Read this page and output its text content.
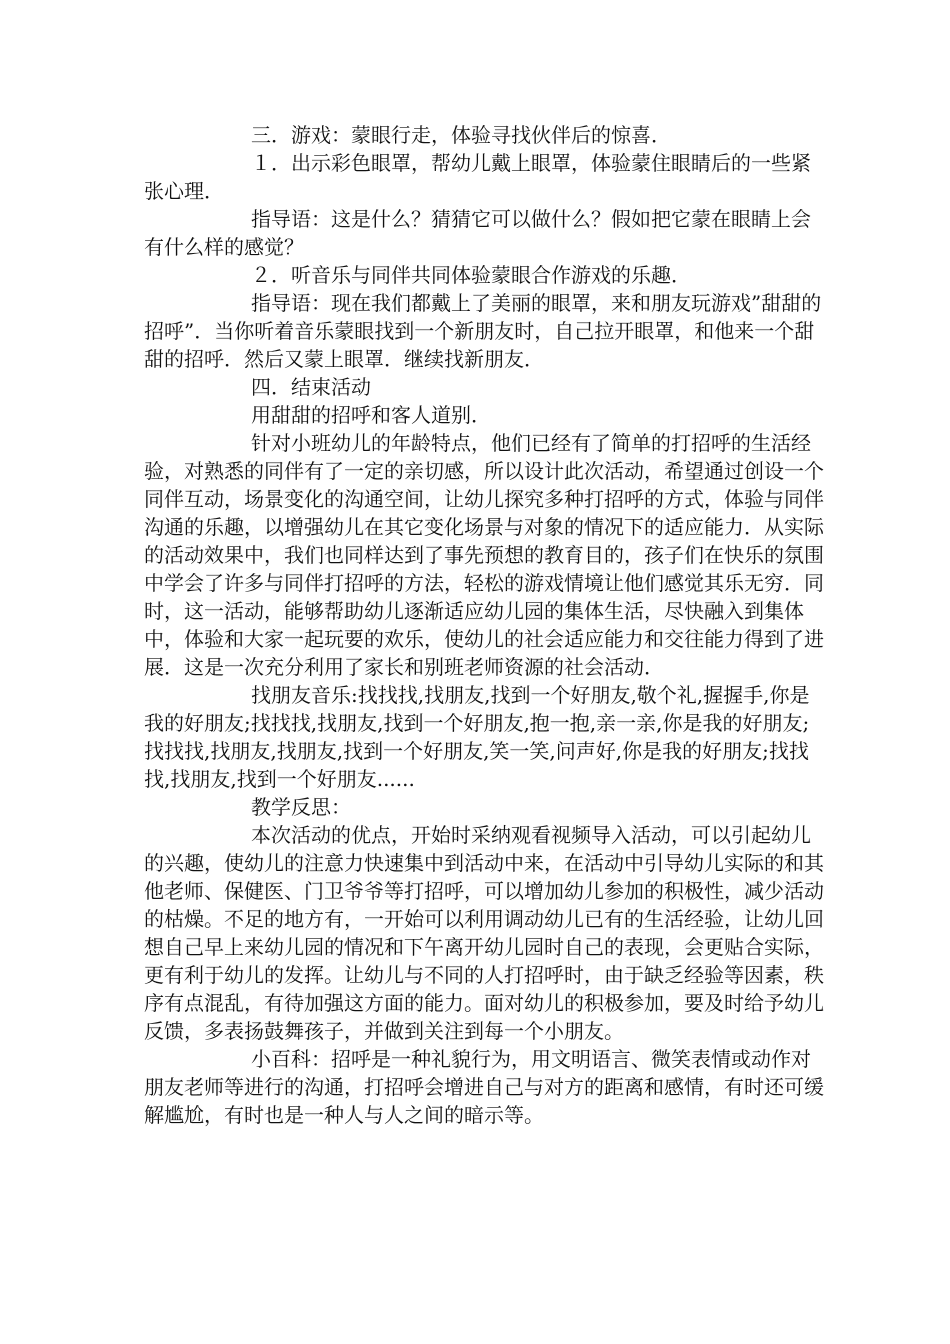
三．游戏：蒙眼行走，体验寻找伙伴后的惊喜．

１．出示彩色眼罩，帮幼儿戴上眼罩，体验蒙住眼睛后的一些紧张心理．

指导语：这是什么？猜猜它可以做什么？假如把它蒙在眼睛上会有什么样的感觉？

２．听音乐与同伴共同体验蒙眼合作游戏的乐趣．

指导语：现在我们都戴上了美丽的眼罩，来和朋友玩游戏”甜甜的招呼”．当你听着音乐蒙眼找到一个新朋友时，自己拉开眼罩，和他来一个甜甜的招呼．然后又蒙上眼罩．继续找新朋友．

四．结束活动

用甜甜的招呼和客人道别．

针对小班幼儿的年龄特点，他们已经有了简单的打招呼的生活经验，对熟悉的同伴有了一定的亲切感，所以设计此次活动，希望通过创设一个同伴互动，场景变化的沟通空间，让幼儿探究多种打招呼的方式，体验与同伴沟通的乐趣，以增强幼儿在其它变化场景与对象的情况下的适应能力．从实际的活动效果中，我们也同样达到了事先预想的教育目的，孩子们在快乐的氛围中学会了许多与同伴打招呼的方法，轻松的游戏情境让他们感觉其乐无穷．同时，这一活动，能够帮助幼儿逐渐适应幼儿园的集体生活，尽快融入到集体中，体验和大家一起玩要的欢乐，使幼儿的社会适应能力和交往能力得到了进展．这是一次充分利用了家长和别班老师资源的社会活动．

找朋友音乐:找找找,找朋友,找到一个好朋友,敬个礼,握握手,你是我的好朋友;找找找,找朋友,找到一个好朋友,抱一抱,亲一亲,你是我的好朋友;找找找,找朋友,找朋友,找到一个好朋友,笑一笑,问声好,你是我的好朋友;找找找,找朋友,找到一个好朋友......

教学反思：

本次活动的优点，开始时采纳观看视频导入活动，可以引起幼儿的兴趣，使幼儿的注意力快速集中到活动中来，在活动中引导幼儿实际的和其他老师、保健医、门卫爷爷等打招呼，可以增加幼儿参加的积极性，减少活动的枯燥。不足的地方有，一开始可以利用调动幼儿已有的生活经验，让幼儿回想自己早上来幼儿园的情况和下午离开幼儿园时自己的表现，会更贴合实际，更有利于幼儿的发挥。让幼儿与不同的人打招呼时，由于缺乏经验等因素，秩序有点混乱，有待加强这方面的能力。面对幼儿的积极参加，要及时给予幼儿反馈，多表扬鼓舞孩子，并做到关注到每一个小朋友。

小百科：招呼是一种礼貌行为，用文明语言、微笑表情或动作对朋友老师等进行的沟通，打招呼会增进自己与对方的距离和感情，有时还可缓解尴尬，有时也是一种人与人之间的暗示等。
